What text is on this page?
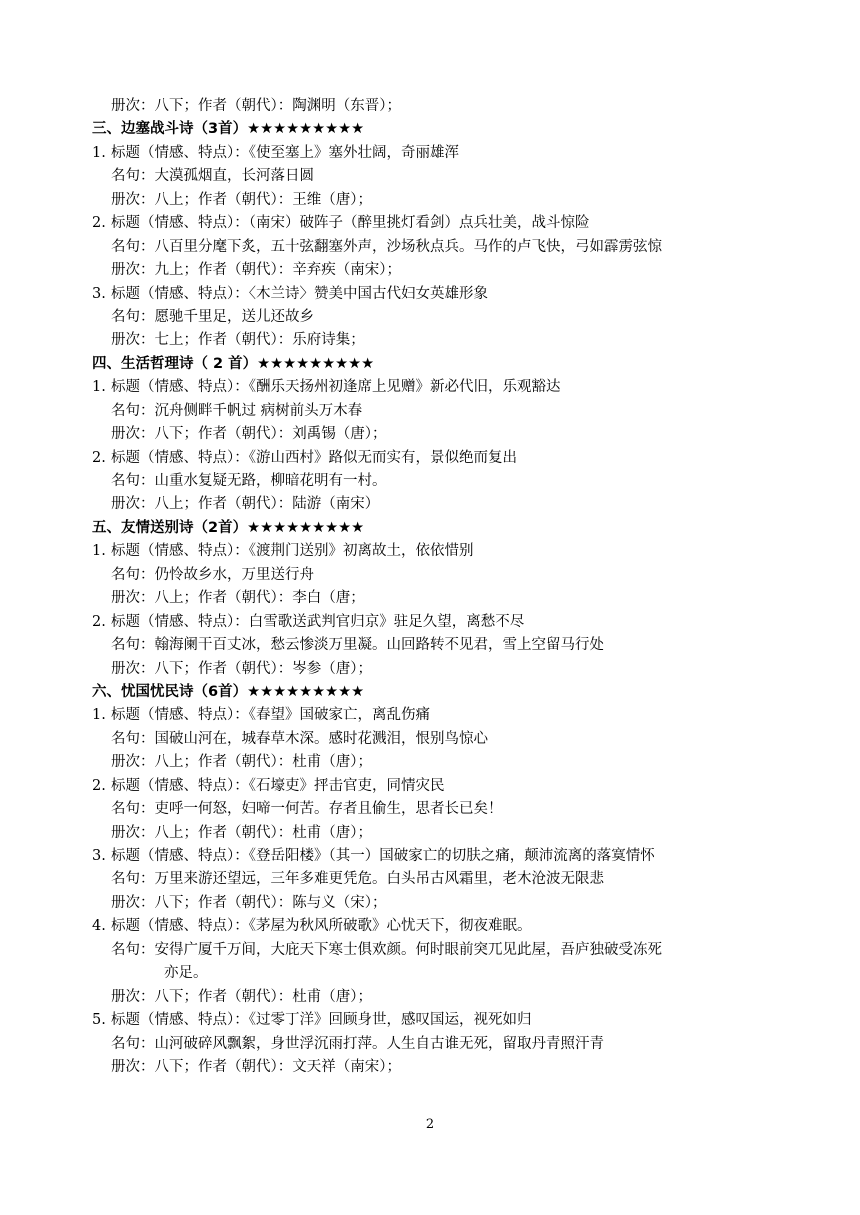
册次：八下；作者（朝代）：陶渊明（东晋）；
三、边塞战斗诗（3首）★★★★★★★★★
1. 标题（情感、特点）：《使至塞上》塞外壮阔，奇丽雄浑
名句：大漠孤烟直，长河落日圆
册次：八上；作者（朝代）：王维（唐）；
2. 标题（情感、特点）：（南宋）破阵子（醉里挑灯看剑）点兵壮美，战斗惊险
名句：八百里分麾下炙，五十弦翻塞外声，沙场秋点兵。马作的卢飞快，弓如霹雳弦惊
册次：九上；作者（朝代）：辛弃疾（南宋）；
3. 标题（情感、特点）：〈木兰诗〉赞美中国古代妇女英雄形象
名句：愿驰千里足，送儿还故乡
册次：七上；作者（朝代）：乐府诗集；
四、生活哲理诗（ 2 首）★★★★★★★★★
1. 标题（情感、特点）：《酬乐天扬州初逢席上见赠》新必代旧，乐观豁达
名句：沉舟侧畔千帆过 病树前头万木春
册次：八下；作者（朝代）：刘禹锡（唐）；
2. 标题（情感、特点）：《游山西村》路似无而实有，景似绝而复出
名句：山重水复疑无路，柳暗花明有一村。
册次：八上；作者（朝代）：陆游（南宋）
五、友情送别诗（2首）★★★★★★★★★
1. 标题（情感、特点）：《渡荆门送别》初离故土，依依惜别
名句：仍怜故乡水，万里送行舟
册次：八上；作者（朝代）：李白（唐；
2. 标题（情感、特点）：白雪歌送武判官归京》驻足久望，离愁不尽
名句：翰海阑干百丈冰，愁云惨淡万里凝。山回路转不见君，雪上空留马行处
册次：八下；作者（朝代）：岑参（唐）；
六、忧国忧民诗（6首）★★★★★★★★★
1. 标题（情感、特点）：《春望》国破家亡，离乱伤痛
名句：国破山河在，城春草木深。感时花溅泪，恨别鸟惊心
册次：八上；作者（朝代）：杜甫（唐）；
2. 标题（情感、特点）：《石壕吏》抨击官吏，同情灾民
名句：吏呼一何怒，妇啼一何苦。存者且偷生，思者长已矣！
册次：八上；作者（朝代）：杜甫（唐）；
3. 标题（情感、特点）：《登岳阳楼》（其一）国破家亡的切肤之痛，颠沛流离的落寞情怀
名句：万里来游还望远，三年多难更凭危。白头吊古风霜里，老木沧波无限悲
册次：八下；作者（朝代）：陈与义（宋）；
4. 标题（情感、特点）：《茅屋为秋风所破歌》心忧天下，彻夜难眠。
名句：安得广厦千万间，大庇天下寒士俱欢颜。何时眼前突兀见此屋，吾庐独破受冻死
亦足。
册次：八下；作者（朝代）：杜甫（唐）；
5. 标题（情感、特点）：《过零丁洋》回顾身世，感叹国运，视死如归
名句：山河破碎风飘絮，身世浮沉雨打萍。人生自古谁无死，留取丹青照汗青
册次：八下；作者（朝代）：文天祥（南宋）；
2
